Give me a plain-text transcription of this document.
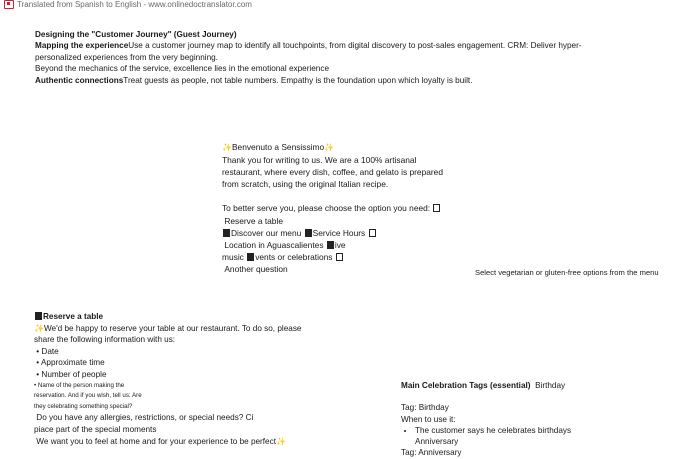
Translated from Spanish to English - www.onlinedoctranslator.com
Designing the "Customer Journey" (Guest Journey)
Mapping the experienceUse a customer journey map to identify all touchpoints, from digital discovery to post-sales engagement. CRM: Deliver hyper-
personalized experiences from the very beginning.
Beyond the mechanics of the service, excellence lies in the emotional experience
Authentic connectionsTreat guests as people, not table numbers. Empathy is the foundation upon which loyalty is built.
✨Benvenuto a Sensissimo✨
Thank you for writing to us. We are a 100% artisanal
restaurant, where every dish, coffee, and gelato is prepared
from scratch, using the original Italian recipe.

To better serve you, please choose the option you need:
Reserve a table
Discover our menu Service Hours
Location in Aguascalientes ive
music vents or celebrations
Another question	Select vegetarian or gluten-free options from the menu
Reserve a table
✨We'd be happy to reserve your table at our restaurant. To do so, please
share the following information with us:
• Date
• Approximate time
• Number of people
• Name of the person making the
reservation. And if you wish, tell us: Are
they celebrating something special?
Do you have any allergies, restrictions, or special needs? Ci
piace part of the special moments
We want you to feel at home and for your experience to be perfect✨
Main Celebration Tags (essential) Birthday

Tag: Birthday
When to use it:
• The customer says he celebrates birthdays
Anniversary
Tag: Anniversary
